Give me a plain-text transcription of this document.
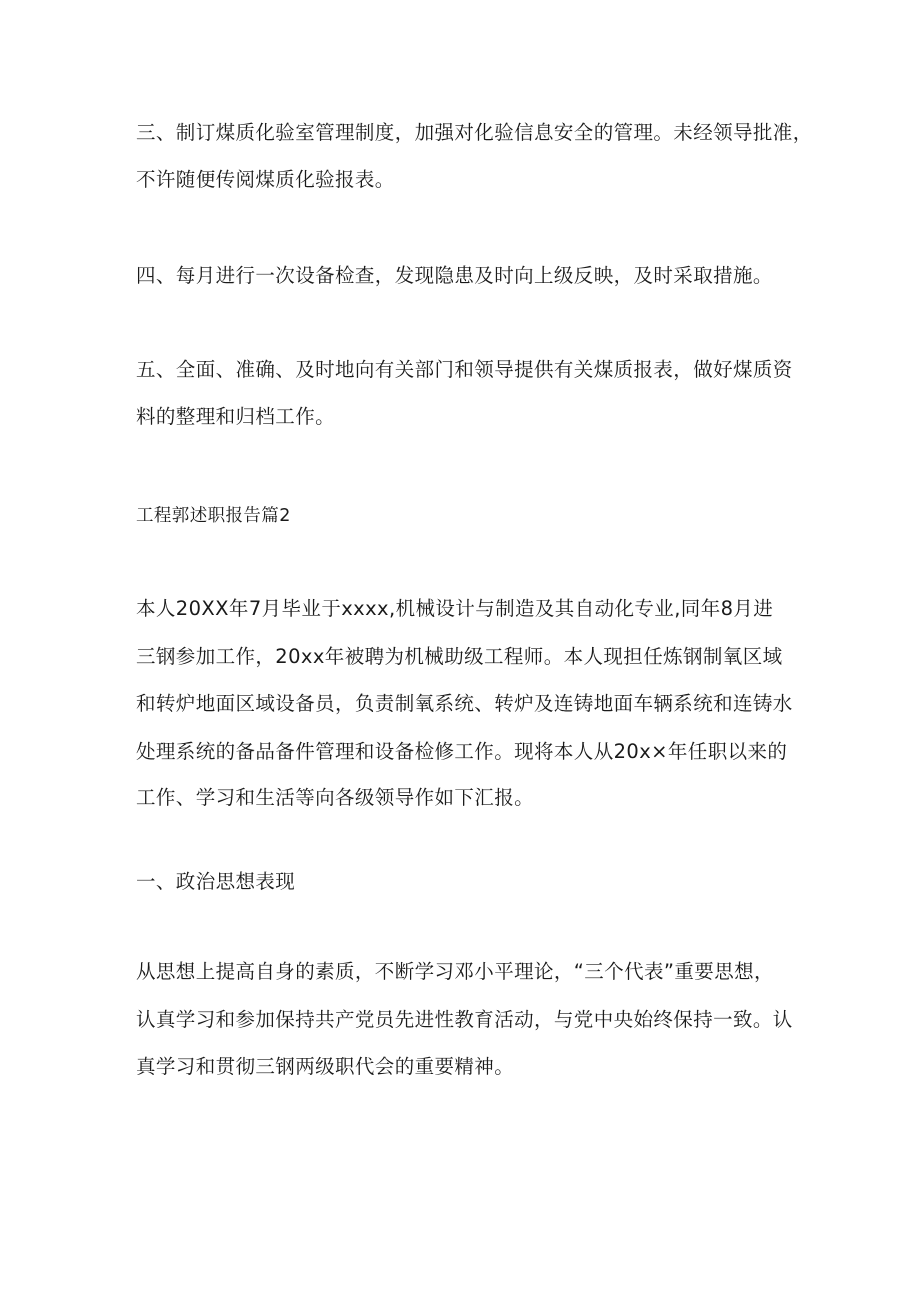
三、制订煤质化验室管理制度，加强对化验信息安全的管理。未经领导批准，
不许随便传阅煤质化验报表。
四、每月进行一次设备检查，发现隐患及时向上级反映，及时采取措施。
五、全面、准确、及时地向有关部门和领导提供有关煤质报表，做好煤质资
料的整理和归档工作。
工程郭述职报告篇2
本人20XX年7月毕业于xxxx,机械设计与制造及其自动化专业,同年8月进
三钢参加工作，20xx年被聘为机械助级工程师。本人现担任炼钢制氧区域
和转炉地面区域设备员，负责制氧系统、转炉及连铸地面车辆系统和连铸水
处理系统的备品备件管理和设备检修工作。现将本人从20x×年任职以来的
工作、学习和生活等向各级领导作如下汇报。
一、政治思想表现
从思想上提高自身的素质，不断学习邓小平理论，“三个代表”重要思想，
认真学习和参加保持共产党员先进性教育活动，与党中央始终保持一致。认
真学习和贯彻三钢两级职代会的重要精神。
